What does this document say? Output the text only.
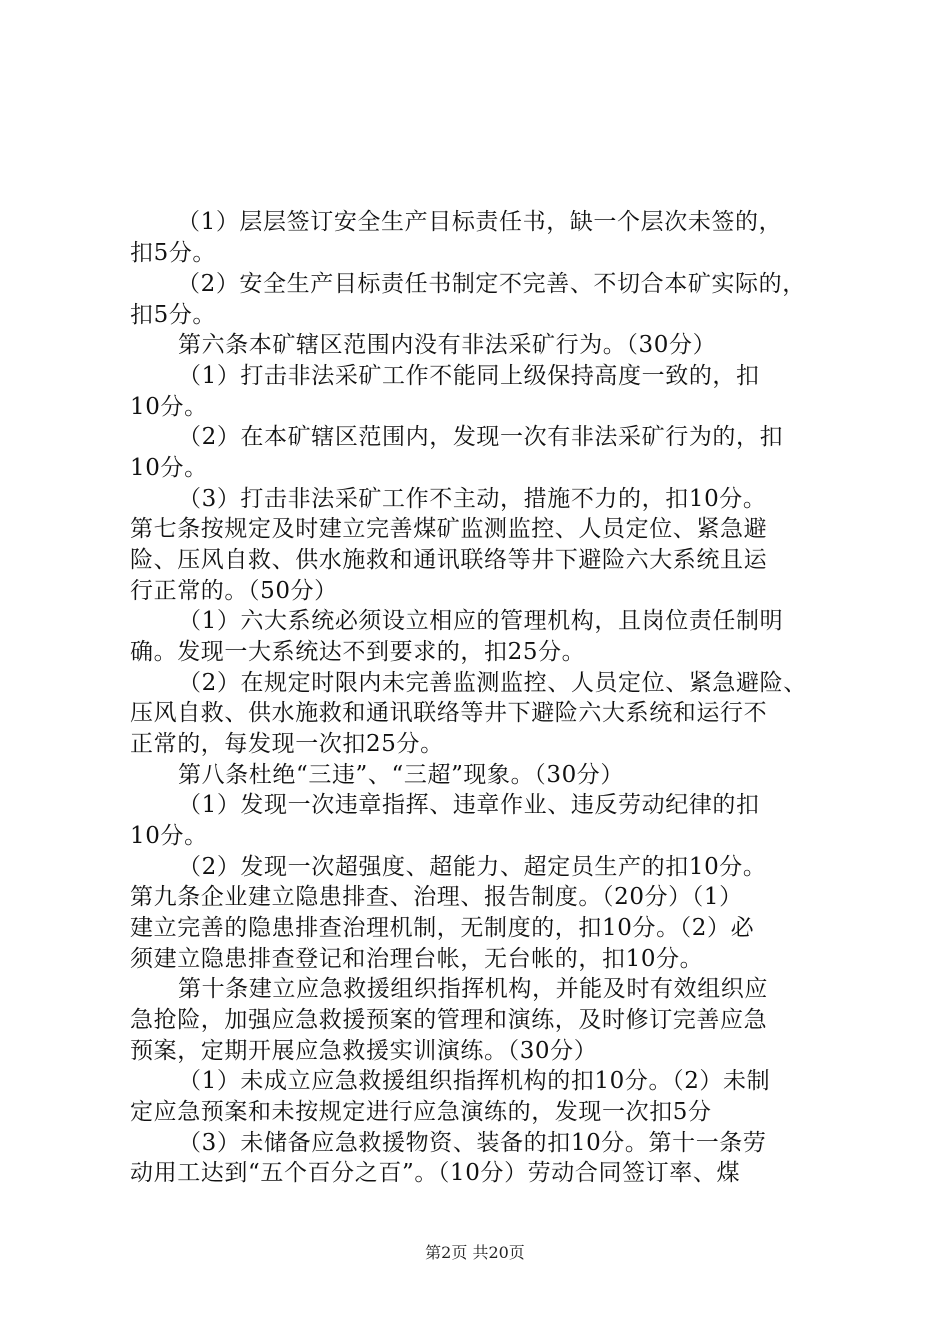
（1）层层签订安全生产目标责任书，缺一个层次未签的，
扣5分。
（2）安全生产目标责任书制定不完善、不切合本矿实际的，
扣5分。
第六条本矿辖区范围内没有非法采矿行为。（30分）
（1）打击非法采矿工作不能同上级保持高度一致的，扣
10分。
（2）在本矿辖区范围内，发现一次有非法采矿行为的，扣
10分。
（3）打击非法采矿工作不主动，措施不力的，扣10分。
第七条按规定及时建立完善煤矿监测监控、人员定位、紧急避
险、压风自救、供水施救和通讯联络等井下避险六大系统且运
行正常的。（50分）
（1）六大系统必须设立相应的管理机构，且岗位责任制明
确。发现一大系统达不到要求的，扣25分。
（2）在规定时限内未完善监测监控、人员定位、紧急避险、
压风自救、供水施救和通讯联络等井下避险六大系统和运行不
正常的，每发现一次扣25分。
第八条杜绝“三违”、“三超”现象。（30分）
（1）发现一次违章指挥、违章作业、违反劳动纪律的扣
10分。
（2）发现一次超强度、超能力、超定员生产的扣10分。
第九条企业建立隐患排查、治理、报告制度。（20分）（1）
建立完善的隐患排查治理机制，无制度的，扣10分。（2）必
须建立隐患排查登记和治理台帐，无台帐的，扣10分。
第十条建立应急救援组织指挥机构，并能及时有效组织应
急抢险，加强应急救援预案的管理和演练，及时修订完善应急
预案，定期开展应急救援实训演练。（30分）
（1）未成立应急救援组织指挥机构的扣10分。（2）未制
定应急预案和未按规定进行应急演练的，发现一次扣5分
（3）未储备应急救援物资、装备的扣10分。第十一条劳
动用工达到“五个百分之百”。（10分）劳动合同签订率、煤
第2页 共20页
